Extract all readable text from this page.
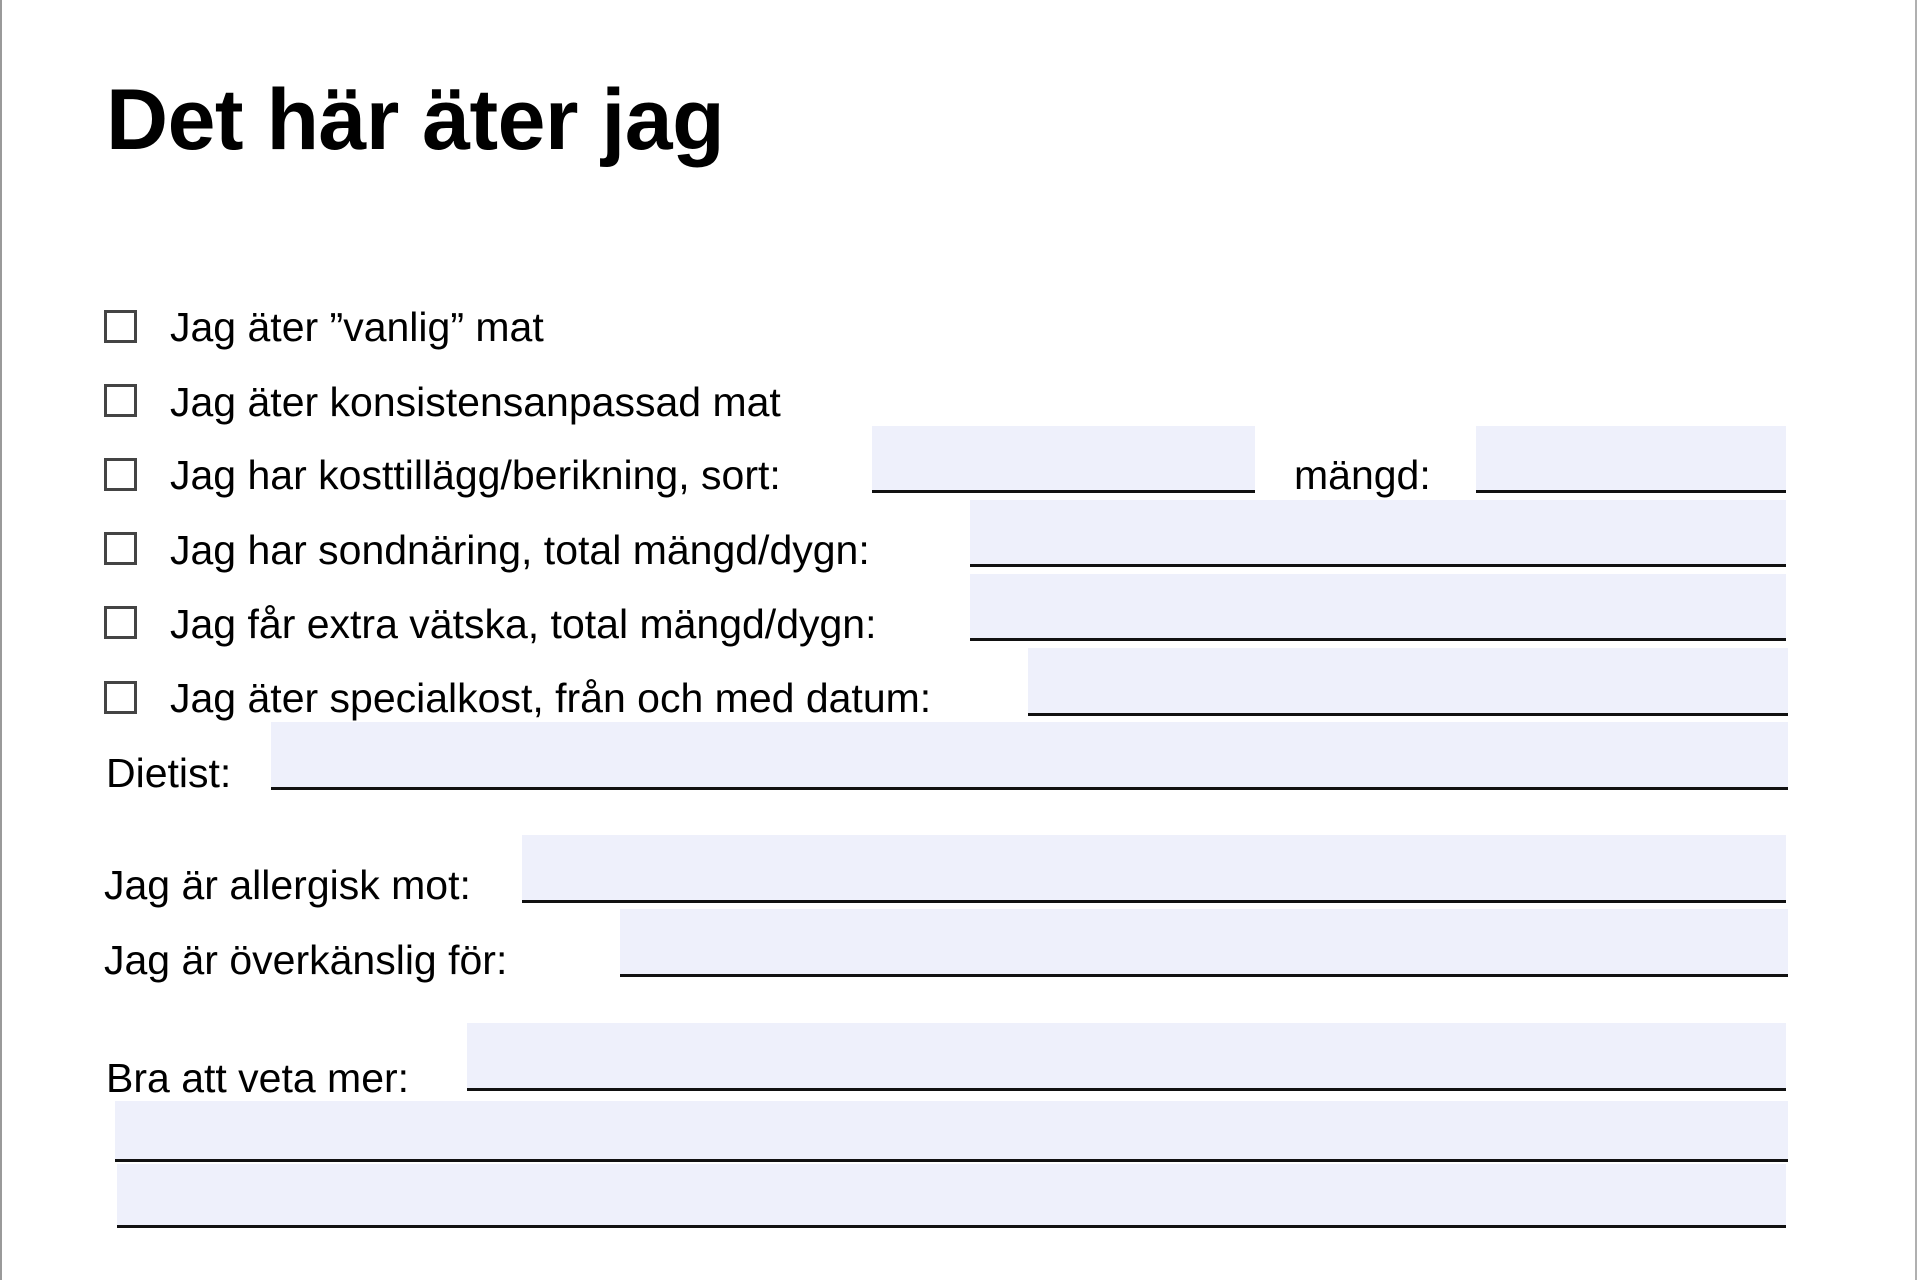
Det här äter jag
Jag äter ”vanlig” mat
Jag äter konsistensanpassad mat
Jag har kosttillägg/berikning, sort:	mängd:
Jag har sondnäring, total mängd/dygn:
Jag får extra vätska, total mängd/dygn:
Jag äter specialkost, från och med datum:
Dietist:
Jag är allergisk mot:
Jag är överkänslig för:
Bra att veta mer:
